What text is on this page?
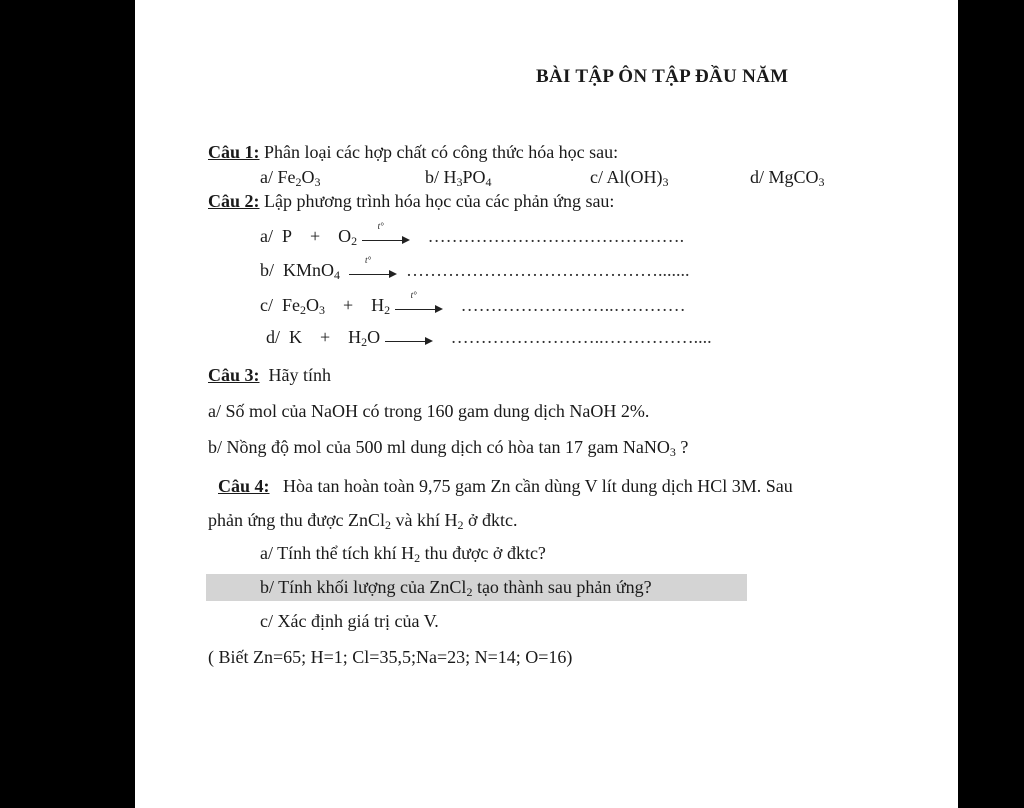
BÀI TẬP ÔN TẬP ĐẦU NĂM
Câu 1: Phân loại các hợp chất có công thức hóa học sau:
a/ $Fe_2O_3$	b/ $H_3PO_4$	c/ $Al(OH)_3$	d/ MgCO$_3$
Câu 2: Lập phương trình hóa học của các phản ứng sau:
a/ $P + O_2$
t°
…………………………………….
b/ KMnO$_4$
t°
…………………………………….......
c/ $Fe_2O_3 + H_2$
t°
……………………..…………
d/ $K + H_2O$	……………………..……………....
Câu 3: Hãy tính
a/ Số mol của NaOH có trong 160 gam dung dịch NaOH 2%.
b/ Nồng độ mol của 500 ml dung dịch có hòa tan 17 gam NaNO$_3$ ?
Câu 4: Hòa tan hoàn toàn 9,75 gam Zn cần dùng V lít dung dịch HCl 3M. Sau
phản ứng thu được ZnCl$_2$ và khí $H_2$ ở đktc.
a/ Tính thể tích khí $H_2$ thu được ở đktc?
b/ Tính khối lượng của ZnCl$_2$ tạo thành sau phản ứng?
c/ Xác định giá trị của V.
( Biết Zn=65; H=1; Cl=35,5;Na=23; N=14; O=16)
